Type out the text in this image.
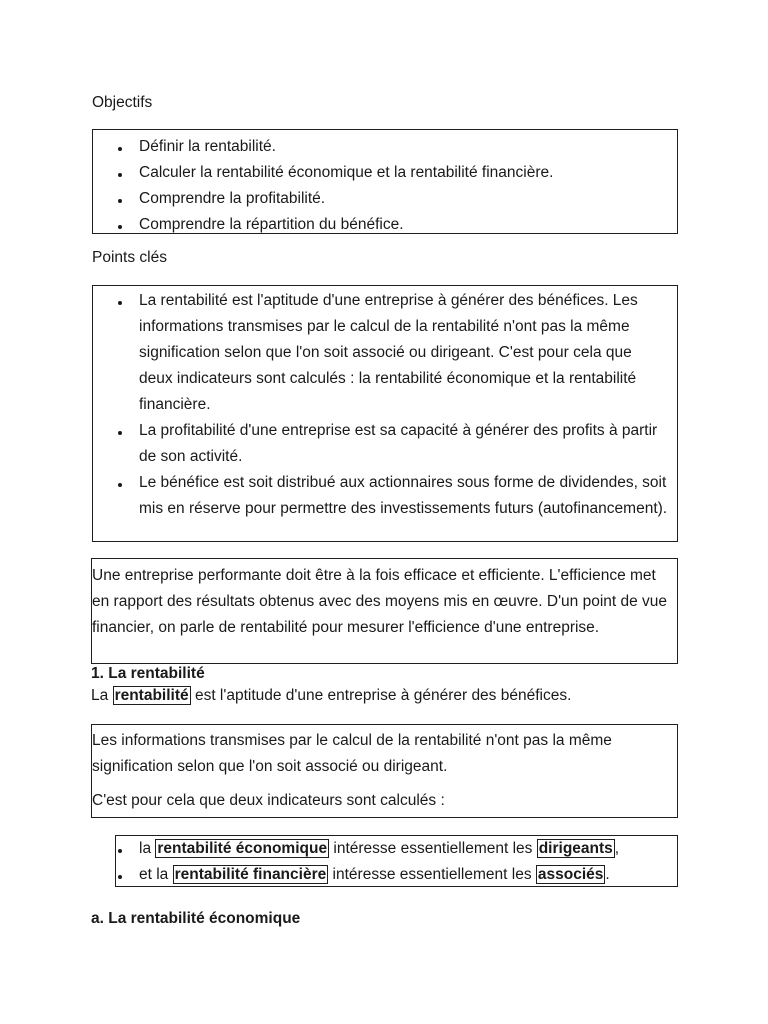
Objectifs
Définir la rentabilité.
Calculer la rentabilité économique et la rentabilité financière.
Comprendre la profitabilité.
Comprendre la répartition du bénéfice.
Points clés
La rentabilité est l'aptitude d'une entreprise à générer des bénéfices. Les informations transmises par le calcul de la rentabilité n'ont pas la même signification selon que l'on soit associé ou dirigeant. C'est pour cela que deux indicateurs sont calculés : la rentabilité économique et la rentabilité financière.
La profitabilité d'une entreprise est sa capacité à générer des profits à partir de son activité.
Le bénéfice est soit distribué aux actionnaires sous forme de dividendes, soit mis en réserve pour permettre des investissements futurs (autofinancement).

Une entreprise performante doit être à la fois efficace et efficiente. L'efficience met en rapport des résultats obtenus avec des moyens mis en œuvre. D'un point de vue financier, on parle de rentabilité pour mesurer l'efficience d'une entreprise.

1. La rentabilité
La rentabilité est l'aptitude d'une entreprise à générer des bénéfices.

Les informations transmises par le calcul de la rentabilité n'ont pas la même signification selon que l'on soit associé ou dirigeant.

C'est pour cela que deux indicateurs sont calculés :

la rentabilité économique intéresse essentiellement les dirigeants ,
et la rentabilité financière intéresse essentiellement les associés .
a. La rentabilité économique
